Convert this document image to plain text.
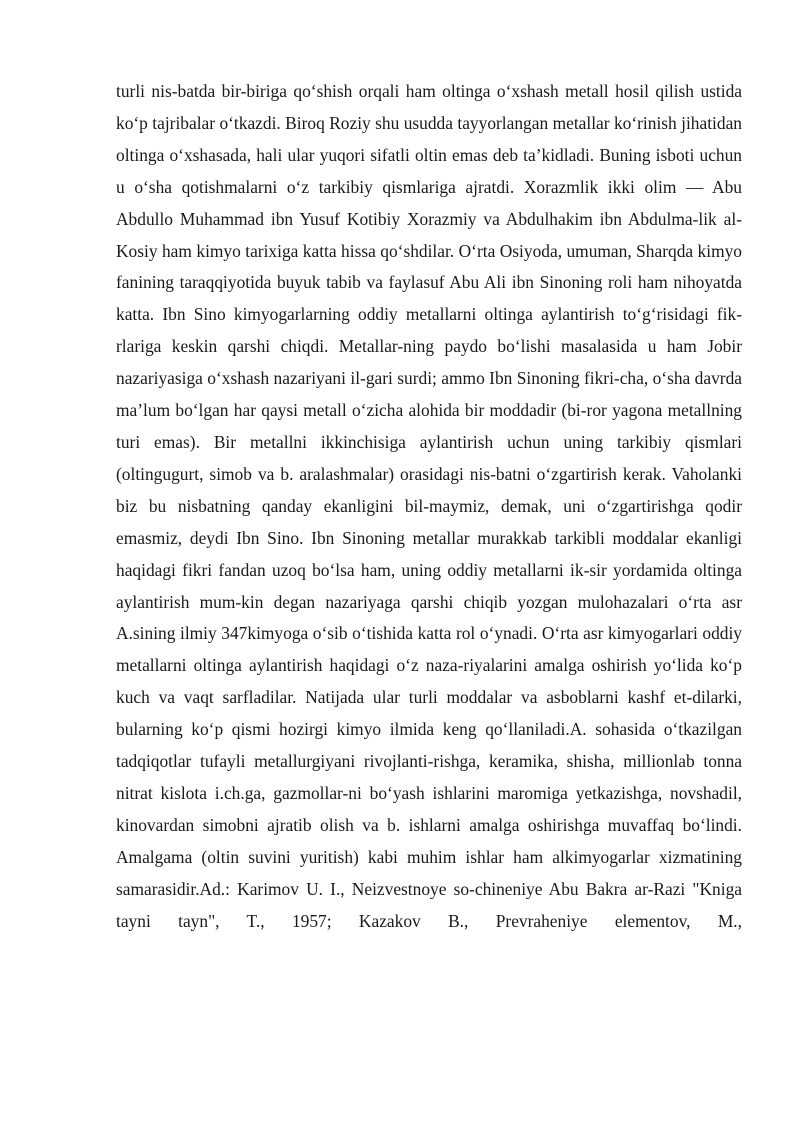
turli nis-batda bir-biriga qo‘shish orqali ham oltinga o‘xshash metall hosil qilish ustida ko‘p tajribalar o‘tkazdi. Biroq Roziy shu usudda tayyorlangan metallar ko‘rinish jihatidan oltinga o‘xshasada, hali ular yuqori sifatli oltin emas deb ta’kidladi. Buning isboti uchun u o‘sha qotishmalarni o‘z tarkibiy qismlariga ajratdi. Xorazmlik ikki olim — Abu Abdullo Muhammad ibn Yusuf Kotibiy Xorazmiy va Abdulhakim ibn Abdulma-lik al-Kosiy ham kimyo tarixiga katta hissa qo‘shdilar. O‘rta Osiyoda, umuman, Sharqda kimyo fanining taraqqiyotida buyuk tabib va faylasuf Abu Ali ibn Sinoning roli ham nihoyatda katta. Ibn Sino kimyogarlarning oddiy metallarni oltinga aylantirish to‘g‘risidagi fik-rlariga keskin qarshi chiqdi. Metallar-ning paydo bo‘lishi masalasida u ham Jobir nazariyasiga o‘xshash nazariyani il-gari surdi; ammo Ibn Sinoning fikri-cha, o‘sha davrda ma’lum bo‘lgan har qaysi metall o‘zicha alohida bir moddadir (bi-ror yagona metallning turi emas). Bir metallni ikkinchisiga aylantirish uchun uning tarkibiy qismlari (oltingugurt, simob va b. aralashmalar) orasidagi nis-batni o‘zgartirish kerak. Vaholanki biz bu nisbatning qanday ekanligini bil-maymiz, demak, uni o‘zgartirishga qodir emasmiz, deydi Ibn Sino. Ibn Sinoning metallar murakkab tarkibli moddalar ekanligi haqidagi fikri fandan uzoq bo‘lsa ham, uning oddiy metallarni ik-sir yordamida oltinga aylantirish mum-kin degan nazariyaga qarshi chiqib yozgan mulohazalari o‘rta asr A.sining ilmiy 347kimyoga o‘sib o‘tishida katta rol o‘ynadi. O‘rta asr kimyogarlari oddiy metallarni oltinga aylantirish haqidagi o‘z naza-riyalarini amalga oshirish yo‘lida ko‘p kuch va vaqt sarfladilar. Natijada ular turli moddalar va asboblarni kashf et-dilarki, bularning ko‘p qismi hozirgi kimyo ilmida keng qo‘llaniladi.A. sohasida o‘tkazilgan tadqiqotlar tufayli metallurgiyani rivojlanti-rishga, keramika, shisha, millionlab tonna nitrat kislota i.ch.ga, gazmollar-ni bo‘yash ishlarini maromiga yetkazishga, novshadil, kinovardan simobni ajratib olish va b. ishlarni amalga oshirishga muvaffaq bo‘lindi. Amalgama (oltin suvini yuritish) kabi muhim ishlar ham alkimyogarlar xizmatining samarasidir.Ad.: Karimov U. I., Neizvestnoye so-chineniye Abu Bakra ar-Razi "Kniga tayni tayn", T., 1957; Kazakov B., Prevraheniye elementov, M.,
